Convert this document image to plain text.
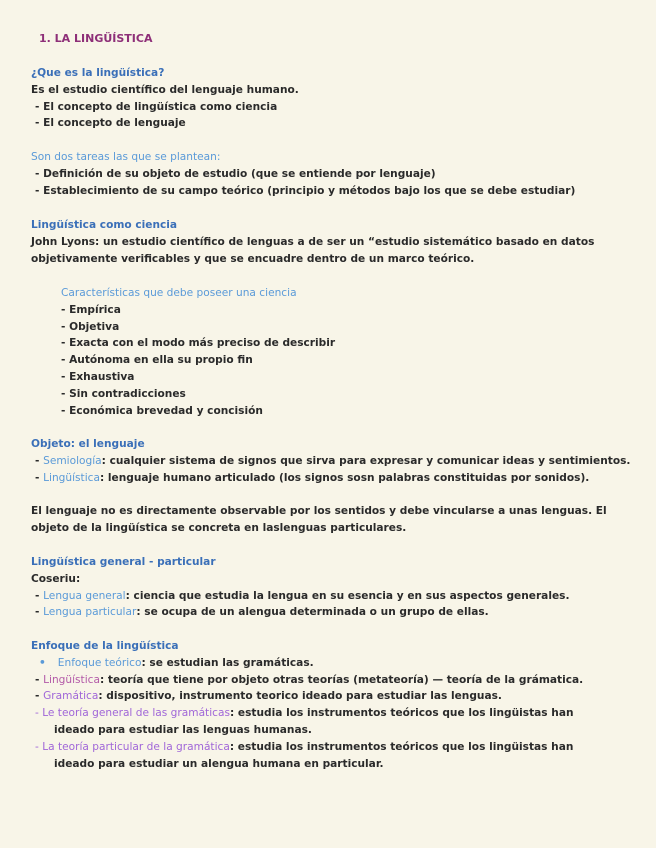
1. LA LINGÜÍSTICA
¿Que es la lingüística?
Es el estudio científico del lenguaje humano.
- El concepto de lingüística como ciencia
- El concepto de lenguaje
Son dos tareas las que se plantean:
- Definición de su objeto de estudio (que se entiende por lenguaje)
- Establecimiento de su campo teórico (principio y métodos bajo los que se debe estudiar)
Lingüística como ciencia
John Lyons: un estudio científico de lenguas a de ser un “estudio sistemático basado en datos
objetivamente verificables y que se encuadre dentro de un marco teórico.
Características que debe poseer una ciencia
- Empírica
- Objetiva
- Exacta con el modo más preciso de describir
- Autónoma en ella su propio fin
- Exhaustiva
- Sin contradicciones
- Económica brevedad y concisión
Objeto: el lenguaje
- Semiología: cualquier sistema de signos que sirva para expresar y comunicar ideas y sentimientos.
- Lingüística: lenguaje humano articulado (los signos sosn palabras constituidas por sonidos).
El lenguaje no es directamente observable por los sentidos y debe vincularse a unas lenguas. El
objeto de la lingüística se concreta en laslenguas particulares.
Lingüística general - particular
Coseriu:
- Lengua general: ciencia que estudia la lengua en su esencia y en sus aspectos generales.
- Lengua particular: se ocupa de un alengua determinada o un grupo de ellas.
Enfoque de la lingüística
• Enfoque teórico: se estudian las gramáticas.
- Lingüística: teoría que tiene por objeto otras teorías (metateoría) — teoría de la grámatica.
- Gramática: dispositivo, instrumento teorico ideado para estudiar las lenguas.
- Le teoría general de las gramáticas: estudia los instrumentos teóricos que los lingüistas han
ideado para estudiar las lenguas humanas.
- La teoría particular de la gramática: estudia los instrumentos teóricos que los lingüistas han
ideado para estudiar un alengua humana en particular.
